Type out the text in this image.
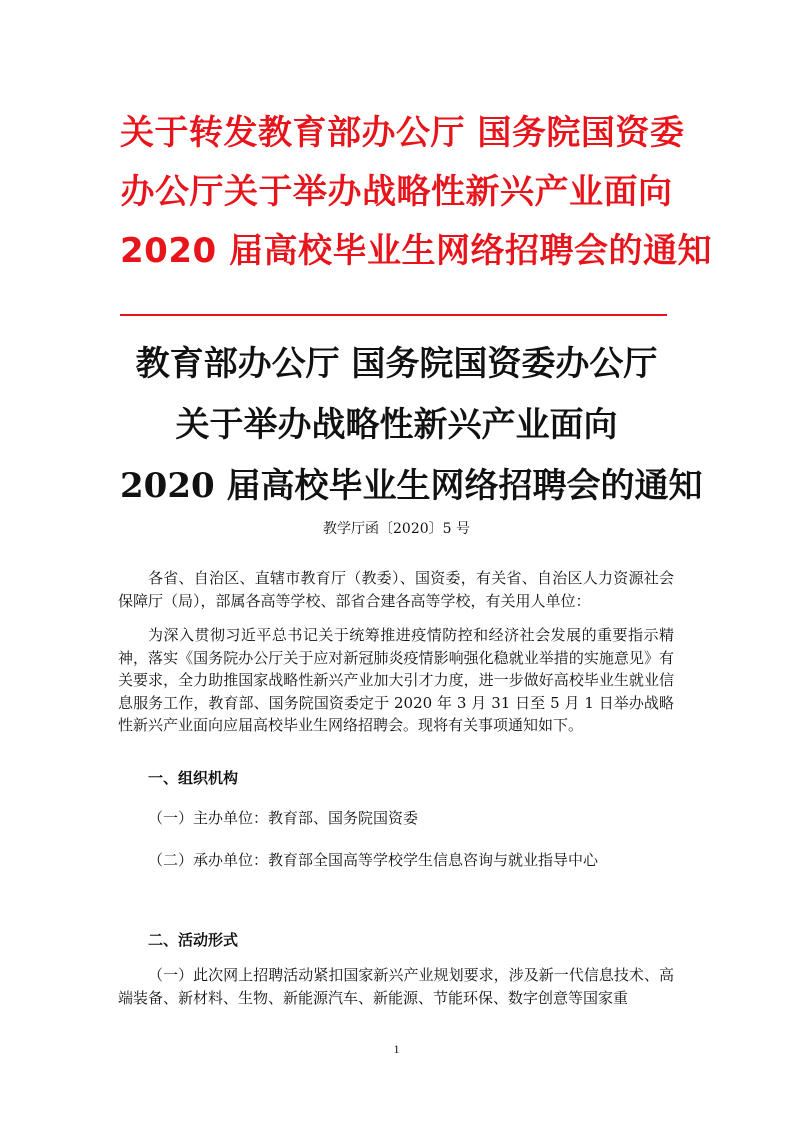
关于转发教育部办公厅 国务院国资委
办公厅关于举办战略性新兴产业面向
2020 届高校毕业生网络招聘会的通知
教育部办公厅 国务院国资委办公厅
关于举办战略性新兴产业面向
2020 届高校毕业生网络招聘会的通知
教学厅函〔2020〕5 号

各省、自治区、直辖市教育厅（教委）、国资委，有关省、自治区人力资源社会保障厅（局），部属各高等学校、部省合建各高等学校，有关用人单位：

为深入贯彻习近平总书记关于统筹推进疫情防控和经济社会发展的重要指示精神，落实《国务院办公厅关于应对新冠肺炎疫情影响强化稳就业举措的实施意见》有关要求，全力助推国家战略性新兴产业加大引才力度，进一步做好高校毕业生就业信息服务工作，教育部、国务院国资委定于 2020 年 3 月 31 日至 5 月 1 日举办战略性新兴产业面向应届高校毕业生网络招聘会。现将有关事项通知如下。

一、组织机构
（一）主办单位：教育部、国务院国资委
（二）承办单位：教育部全国高等学校学生信息咨询与就业指导中心
二、活动形式

（一）此次网上招聘活动紧扣国家新兴产业规划要求，涉及新一代信息技术、高端装备、新材料、生物、新能源汽车、新能源、节能环保、数字创意等国家重

1
